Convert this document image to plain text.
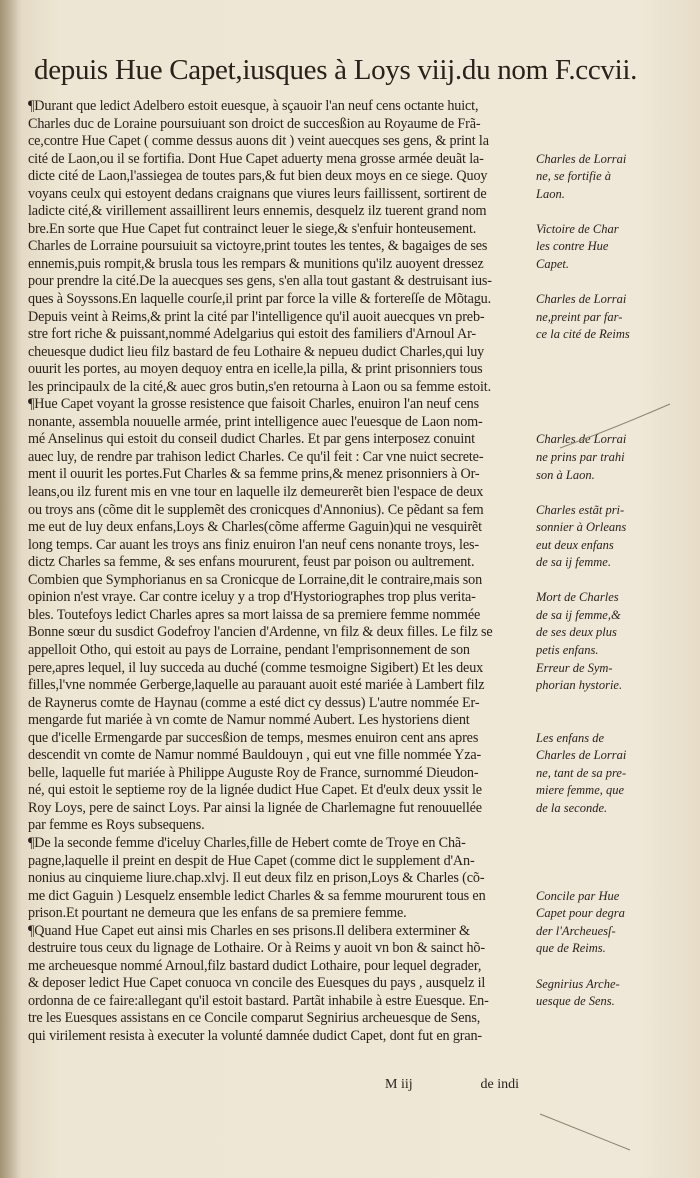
depuis Hue Capet,iusques à Loys viij.du nom F.ccvii.
¶Durant que ledict Adelbero estoit euesque, à sçauoir l'an neuf cens octante huict,
Charles duc de Loraine poursuiuant son droict de succesßion au Royaume de Frã-
ce,contre Hue Capet ( comme dessus auons dit ) veint auecques ses gens, & print la
cité de Laon,ou il se fortifia. Dont Hue Capet aduerty mena grosse armée deuãt la-
dicte cité de Laon,l'assiegea de toutes pars,& fut bien deux moys en ce siege. Quoy
voyans ceulx qui estoyent dedans craignans que viures leurs faillissent, sortirent de
ladicte cité,& virillement assaillirent leurs ennemis, desquelz ilz tuerent grand nom
bre.En sorte que Hue Capet fut contrainct leuer le siege,& s'enfuir honteusement.
Charles de Lorraine poursuiuit sa victoyre,print toutes les tentes, & bagaiges de ses
ennemis,puis rompit,& brusla tous les rempars & munitions qu'ilz auoyent dressez
pour prendre la cité.De la auecques ses gens, s'en alla tout gastant & destruisant ius-
ques à Soyssons.En laquelle courſe,il print par force la ville & fortereſſe de Mõtagu.
Depuis veint à Reims,& print la cité par l'intelligence qu'il auoit auecques vn preb-
stre fort riche & puissant,nommé Adelgarius qui estoit des familiers d'Arnoul Ar-
cheuesque dudict lieu filz bastard de feu Lothaire & nepueu dudict Charles,qui luy
ouurit les portes, au moyen dequoy entra en icelle,la pilla, & print prisonniers tous
les principaulx de la cité,& auec gros butin,s'en retourna à Laon ou sa femme estoit.
¶Hue Capet voyant la grosse resistence que faisoit Charles, enuiron l'an neuf cens
nonante, assembla nouuelle armée, print intelligence auec l'euesque de Laon nom-
mé Anselinus qui estoit du conseil dudict Charles. Et par gens interposez conuint
auec luy, de rendre par trahison ledict Charles. Ce qu'il feit : Car vne nuict secrete-
ment il ouurit les portes.Fut Charles & sa femme prins,& menez prisonniers à Or-
leans,ou ilz furent mis en vne tour en laquelle ilz demeurerẽt bien l'espace de deux
ou troys ans (cõme dit le supplemẽt des cronicques d'Annonius). Ce pẽdant sa fem
me eut de luy deux enfans,Loys & Charles(cõme afferme Gaguin)qui ne vesquirẽt
long temps. Car auant les troys ans finiz enuiron l'an neuf cens nonante troys, les-
dictz Charles sa femme, & ses enfans moururent, feust par poison ou aultrement.
Combien que Symphorianus en sa Cronicque de Lorraine,dit le contraire,mais son
opinion n'est vraye. Car contre iceluy y a trop d'Hystoriographes trop plus verita-
bles. Toutefoys ledict Charles apres sa mort laissa de sa premiere femme nommée
Bonne sœur du susdict Godefroy l'ancien d'Ardenne, vn filz & deux filles. Le filz se
appelloit Otho, qui estoit au pays de Lorraine, pendant l'emprisonnement de son
pere,apres lequel, il luy succeda au duché (comme tesmoigne Sigibert) Et les deux
filles,l'vne nommée Gerberge,laquelle au parauant auoit esté mariée à Lambert filz
de Raynerus comte de Haynau (comme a esté dict cy dessus) L'autre nommée Er-
mengarde fut mariée à vn comte de Namur nommé Aubert. Les hystoriens dient
que d'icelle Ermengarde par succesßion de temps, mesmes enuiron cent ans apres
descendit vn comte de Namur nommé Bauldouyn , qui eut vne fille nommée Yza-
belle, laquelle fut mariée à Philippe Auguste Roy de France, surnommé Dieudon-
né, qui estoit le septieme roy de la lignée dudict Hue Capet. Et d'eulx deux yssit le
Roy Loys, pere de sainct Loys. Par ainsi la lignée de Charlemagne fut renouuellée
par femme es Roys subsequens.
¶De la seconde femme d'iceluy Charles,fille de Hebert comte de Troye en Chã-
pagne,laquelle il preint en despit de Hue Capet (comme dict le supplement d'An-
nonius au cinquieme liure.chap.xlvj. Il eut deux filz en prison,Loys & Charles (cõ-
me dict Gaguin ) Lesquelz ensemble ledict Charles & sa femme moururent tous en
prison.Et pourtant ne demeura que les enfans de sa premiere femme.
¶Quand Hue Capet eut ainsi mis Charles en ses prisons.Il delibera exterminer &
destruire tous ceux du lignage de Lothaire. Or à Reims y auoit vn bon & sainct hõ-
me archeuesque nommé Arnoul,filz bastard dudict Lothaire, pour lequel degrader,
& deposer ledict Hue Capet conuoca vn concile des Euesques du pays , ausquelz il
ordonna de ce faire:allegant qu'il estoit bastard. Partãt inhabile à estre Euesque. En-
tre les Euesques assistans en ce Concile comparut Segnirius archeuesque de Sens,
qui virilement resista à executer la volunté damnée dudict Capet, dont fut en gran-
Charles de Lorrai
ne, se fortifie à
Laon.
Victoire de Char
les contre Hue
Capet.
Charles de Lorrai
ne,preint par far-
ce la cité de Reims
Charles de Lorrai
ne prins par trahi
son à Laon.
Charles estãt pri-
sonnier à Orleans
eut deux enfans
de sa ij femme.
Mort de Charles
de sa ij femme,&
de ses deux plus
petis enfans.
Erreur de Sym-
phorian hystorie.
Les enfans de
Charles de Lorrai
ne, tant de sa pre-
miere femme, que
de la seconde.
Concile par Hue
Capet pour degra
der l'Archeuesſ-
que de Reims.
Segnirius Arche-
uesque de Sens.
M iij	de indi
